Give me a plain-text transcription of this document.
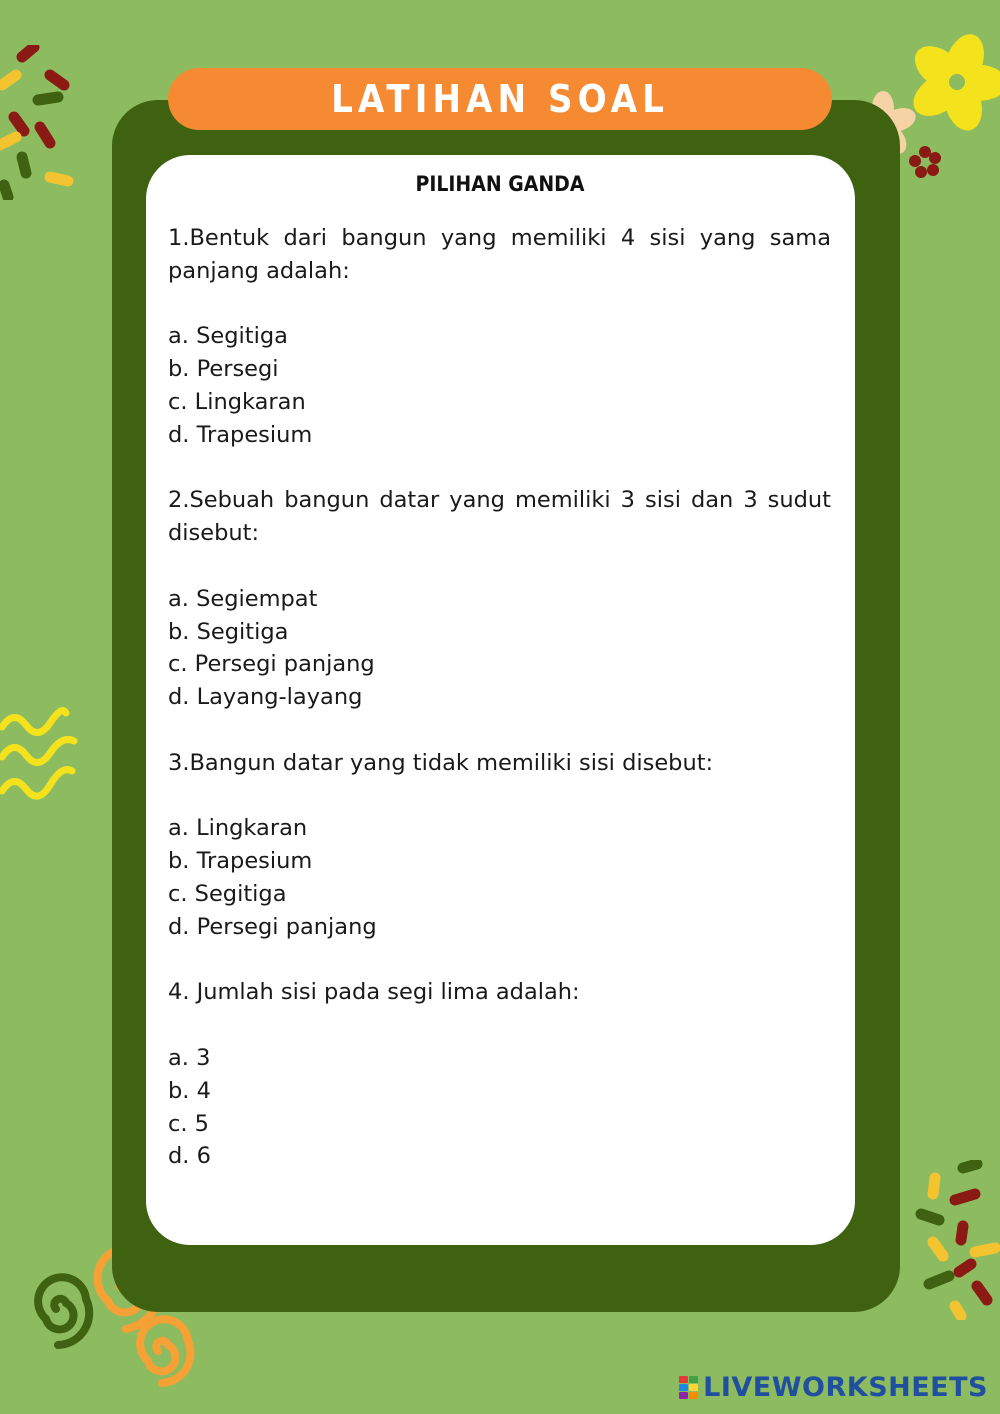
LATIHAN SOAL
PILIHAN GANDA

1.Bentuk dari bangun yang memiliki 4 sisi yang sama panjang adalah:

a. Segitiga

b. Persegi

c. Lingkaran

d. Trapesium

2.Sebuah bangun datar yang memiliki 3 sisi dan 3 sudut disebut:

a. Segiempat

b. Segitiga

c. Persegi panjang

d. Layang-layang

3.Bangun datar yang tidak memiliki sisi disebut:

a. Lingkaran

b. Trapesium

c. Segitiga

d. Persegi panjang

4. Jumlah sisi pada segi lima adalah:

a. 3

b. 4

c. 5

d. 6

LIVEWORKSHEETS
